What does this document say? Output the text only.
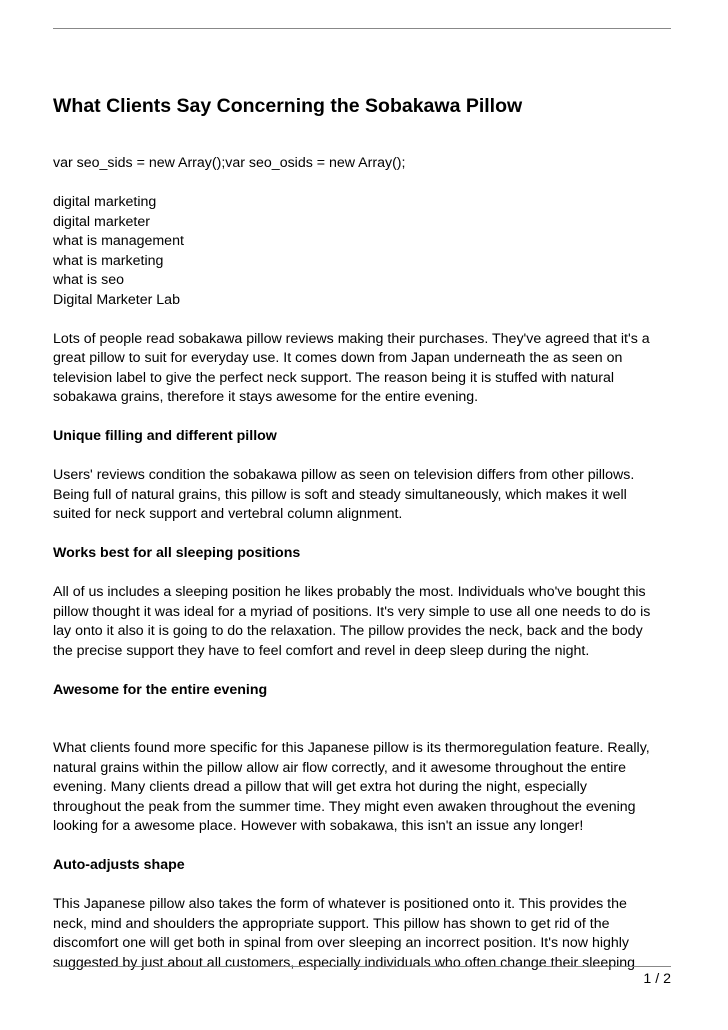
What Clients Say Concerning the Sobakawa Pillow

var seo_sids = new Array();var seo_osids = new Array();

digital marketing
digital marketer
what is management
what is marketing
what is seo
Digital Marketer Lab

Lots of people read sobakawa pillow reviews making their purchases. They've agreed that it's a
great pillow to suit for everyday use. It comes down from Japan underneath the as seen on
television label to give the perfect neck support. The reason being it is stuffed with natural
sobakawa grains, therefore it stays awesome for the entire evening.

Unique filling and different pillow

Users' reviews condition the sobakawa pillow as seen on television differs from other pillows.
Being full of natural grains, this pillow is soft and steady simultaneously, which makes it well
suited for neck support and vertebral column alignment.

Works best for all sleeping positions

All of us includes a sleeping position he likes probably the most. Individuals who've bought this
pillow thought it was ideal for a myriad of positions. It's very simple to use all one needs to do is
lay onto it also it is going to do the relaxation. The pillow provides the neck, back and the body
the precise support they have to feel comfort and revel in deep sleep during the night.

Awesome for the entire evening

What clients found more specific for this Japanese pillow is its thermoregulation feature. Really,
natural grains within the pillow allow air flow correctly, and it awesome throughout the entire
evening. Many clients dread a pillow that will get extra hot during the night, especially
throughout the peak from the summer time. They might even awaken throughout the evening
looking for a awesome place. However with sobakawa, this isn't an issue any longer!

Auto-adjusts shape

This Japanese pillow also takes the form of whatever is positioned onto it. This provides the
neck, mind and shoulders the appropriate support. This pillow has shown to get rid of the
discomfort one will get both in spinal from over sleeping an incorrect position. It's now highly
suggested by just about all customers, especially individuals who often change their sleeping

1 / 2
